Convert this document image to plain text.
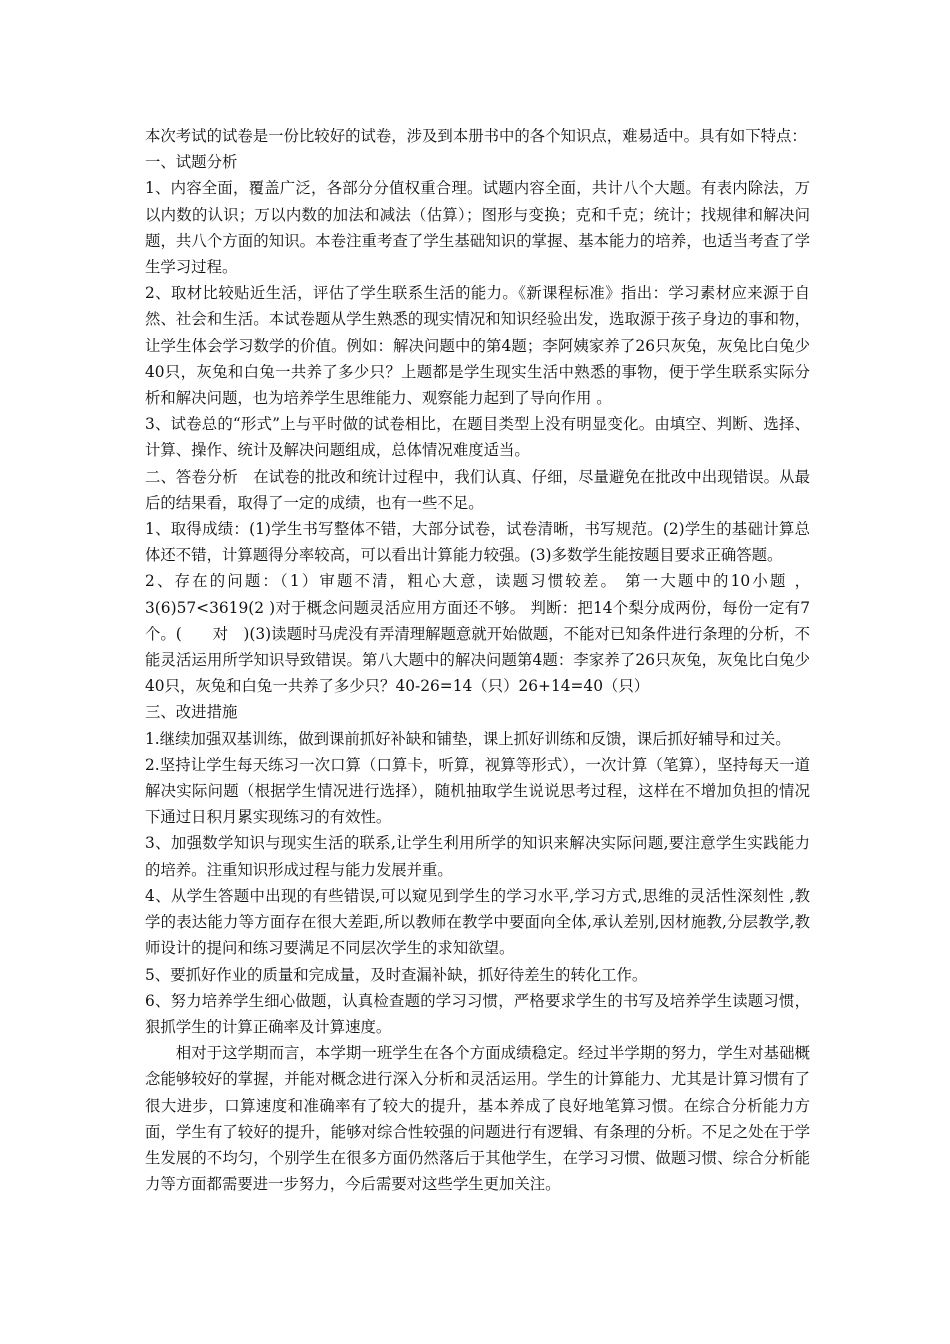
本次考试的试卷是一份比较好的试卷，涉及到本册书中的各个知识点，难易适中。具有如下特点：

一、试题分析

1、内容全面，覆盖广泛，各部分分值权重合理。试题内容全面，共计八个大题。有表内除法，万以内数的认识；万以内数的加法和减法（估算）；图形与变换；克和千克；统计；找规律和解决问题，共八个方面的知识。本卷注重考查了学生基础知识的掌握、基本能力的培养，也适当考查了学生学习过程。

2、取材比较贴近生活，评估了学生联系生活的能力。《新课程标准》指出：学习素材应来源于自然、社会和生活。本试卷题从学生熟悉的现实情况和知识经验出发，选取源于孩子身边的事和物，让学生体会学习数学的价值。例如：解决问题中的第4题；李阿姨家养了26只灰兔，灰兔比白兔少40只，灰兔和白兔一共养了多少只？上题都是学生现实生活中熟悉的事物，便于学生联系实际分析和解决问题，也为培养学生思维能力、观察能力起到了导向作用 。

3、试卷总的“形式”上与平时做的试卷相比，在题目类型上没有明显变化。由填空、判断、选择、计算、操作、统计及解决问题组成，总体情况难度适当。

二、答卷分析　在试卷的批改和统计过程中，我们认真、仔细，尽量避免在批改中出现错误。从最后的结果看，取得了一定的成绩，也有一些不足。

1、取得成绩：(1)学生书写整体不错，大部分试卷，试卷清晰，书写规范。(2)学生的基础计算总体还不错，计算题得分率较高，可以看出计算能力较强。(3)多数学生能按题目要求正确答题。

2、存在的问题：（1）审题不清，粗心大意，读题习惯较差。 第一大题中的10小题 ，3(6)57<3619(2 )对于概念问题灵活应用方面还不够。 判断：把14个梨分成两份，每份一定有7个。(　　对　)(3)读题时马虎没有弄清理解题意就开始做题，不能对已知条件进行条理的分析，不能灵活运用所学知识导致错误。第八大题中的解决问题第4题：李家养了26只灰兔，灰兔比白兔少40只，灰兔和白兔一共养了多少只？40-26=14（只）26+14=40（只）

三、改进措施

1.继续加强双基训练，做到课前抓好补缺和铺垫，课上抓好训练和反馈，课后抓好辅导和过关。

2.坚持让学生每天练习一次口算（口算卡，听算，视算等形式），一次计算（笔算），坚持每天一道解决实际问题（根据学生情况进行选择），随机抽取学生说说思考过程，这样在不增加负担的情况下通过日积月累实现练习的有效性。

3、加强数学知识与现实生活的联系,让学生利用所学的知识来解决实际问题,要注意学生实践能力的培养。注重知识形成过程与能力发展并重。

4、从学生答题中出现的有些错误,可以窥见到学生的学习水平,学习方式,思维的灵活性深刻性 ,教学的表达能力等方面存在很大差距,所以教师在教学中要面向全体,承认差别,因材施教,分层教学,教师设计的提问和练习要满足不同层次学生的求知欲望。

5、要抓好作业的质量和完成量，及时查漏补缺，抓好待差生的转化工作。

6、努力培养学生细心做题，认真检查题的学习习惯，严格要求学生的书写及培养学生读题习惯，狠抓学生的计算正确率及计算速度。

相对于这学期而言，本学期一班学生在各个方面成绩稳定。经过半学期的努力，学生对基础概念能够较好的掌握，并能对概念进行深入分析和灵活运用。学生的计算能力、尤其是计算习惯有了很大进步，口算速度和准确率有了较大的提升，基本养成了良好地笔算习惯。在综合分析能力方面，学生有了较好的提升，能够对综合性较强的问题进行有逻辑、有条理的分析。不足之处在于学生发展的不均匀，个别学生在很多方面仍然落后于其他学生，在学习习惯、做题习惯、综合分析能力等方面都需要进一步努力，今后需要对这些学生更加关注。
